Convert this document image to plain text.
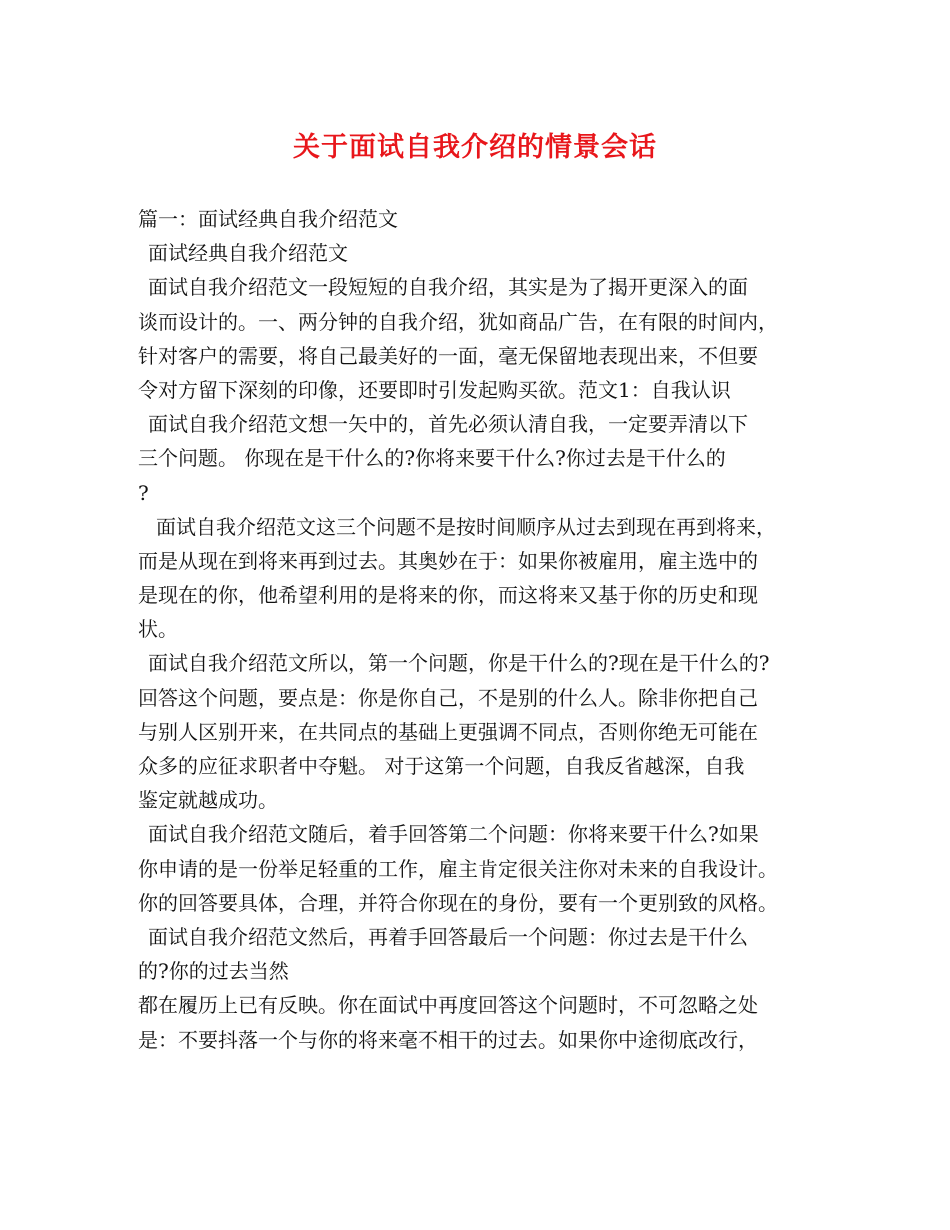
关于面试自我介绍的情景会话
篇一：面试经典自我介绍范文
面试经典自我介绍范文
面试自我介绍范文一段短短的自我介绍，其实是为了揭开更深入的面
谈而设计的。一、两分钟的自我介绍，犹如商品广告，在有限的时间内，
针对客户的需要，将自己最美好的一面，毫无保留地表现出来，不但要
令对方留下深刻的印像，还要即时引发起购买欲。范文1：自我认识
面试自我介绍范文想一矢中的，首先必须认清自我，一定要弄清以下
三个问题。 你现在是干什么的?你将来要干什么?你过去是干什么的
?
面试自我介绍范文这三个问题不是按时间顺序从过去到现在再到将来，
而是从现在到将来再到过去。其奥妙在于：如果你被雇用，雇主选中的
是现在的你，他希望利用的是将来的你，而这将来又基于你的历史和现
状。
面试自我介绍范文所以，第一个问题，你是干什么的?现在是干什么的?
回答这个问题，要点是：你是你自己，不是别的什么人。除非你把自己
与别人区别开来，在共同点的基础上更强调不同点，否则你绝无可能在
众多的应征求职者中夺魁。 对于这第一个问题，自我反省越深，自我
鉴定就越成功。
面试自我介绍范文随后，着手回答第二个问题：你将来要干什么?如果
你申请的是一份举足轻重的工作，雇主肯定很关注你对未来的自我设计。
你的回答要具体，合理，并符合你现在的身份，要有一个更别致的风格。
面试自我介绍范文然后，再着手回答最后一个问题：你过去是干什么
的?你的过去当然
都在履历上已有反映。你在面试中再度回答这个问题时，不可忽略之处
是：不要抖落一个与你的将来毫不相干的过去。如果你中途彻底改行，
